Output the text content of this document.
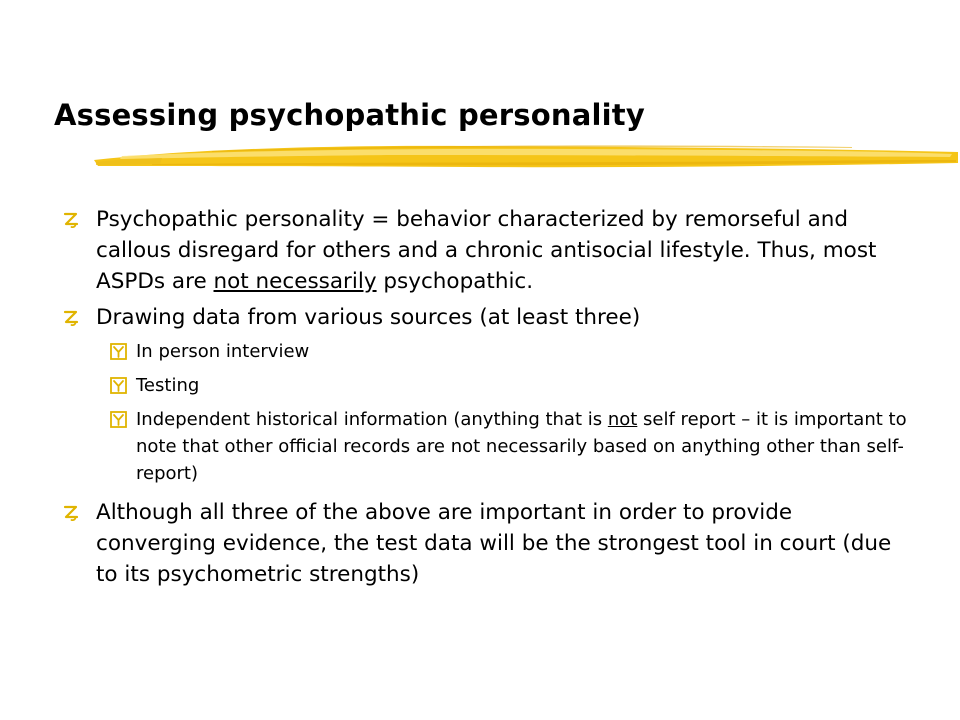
Assessing psychopathic personality
Psychopathic personality = behavior characterized by remorseful and callous disregard for others and a chronic antisocial lifestyle. Thus, most ASPDs are not necessarily psychopathic.
Drawing data from various sources (at least three)
In person interview
Testing
Independent historical information (anything that is not self report – it is important to note that other official records are not necessarily based on anything other than self-report)
Although all three of the above are important in order to provide converging evidence, the test data will be the strongest tool in court (due to its psychometric strengths)
